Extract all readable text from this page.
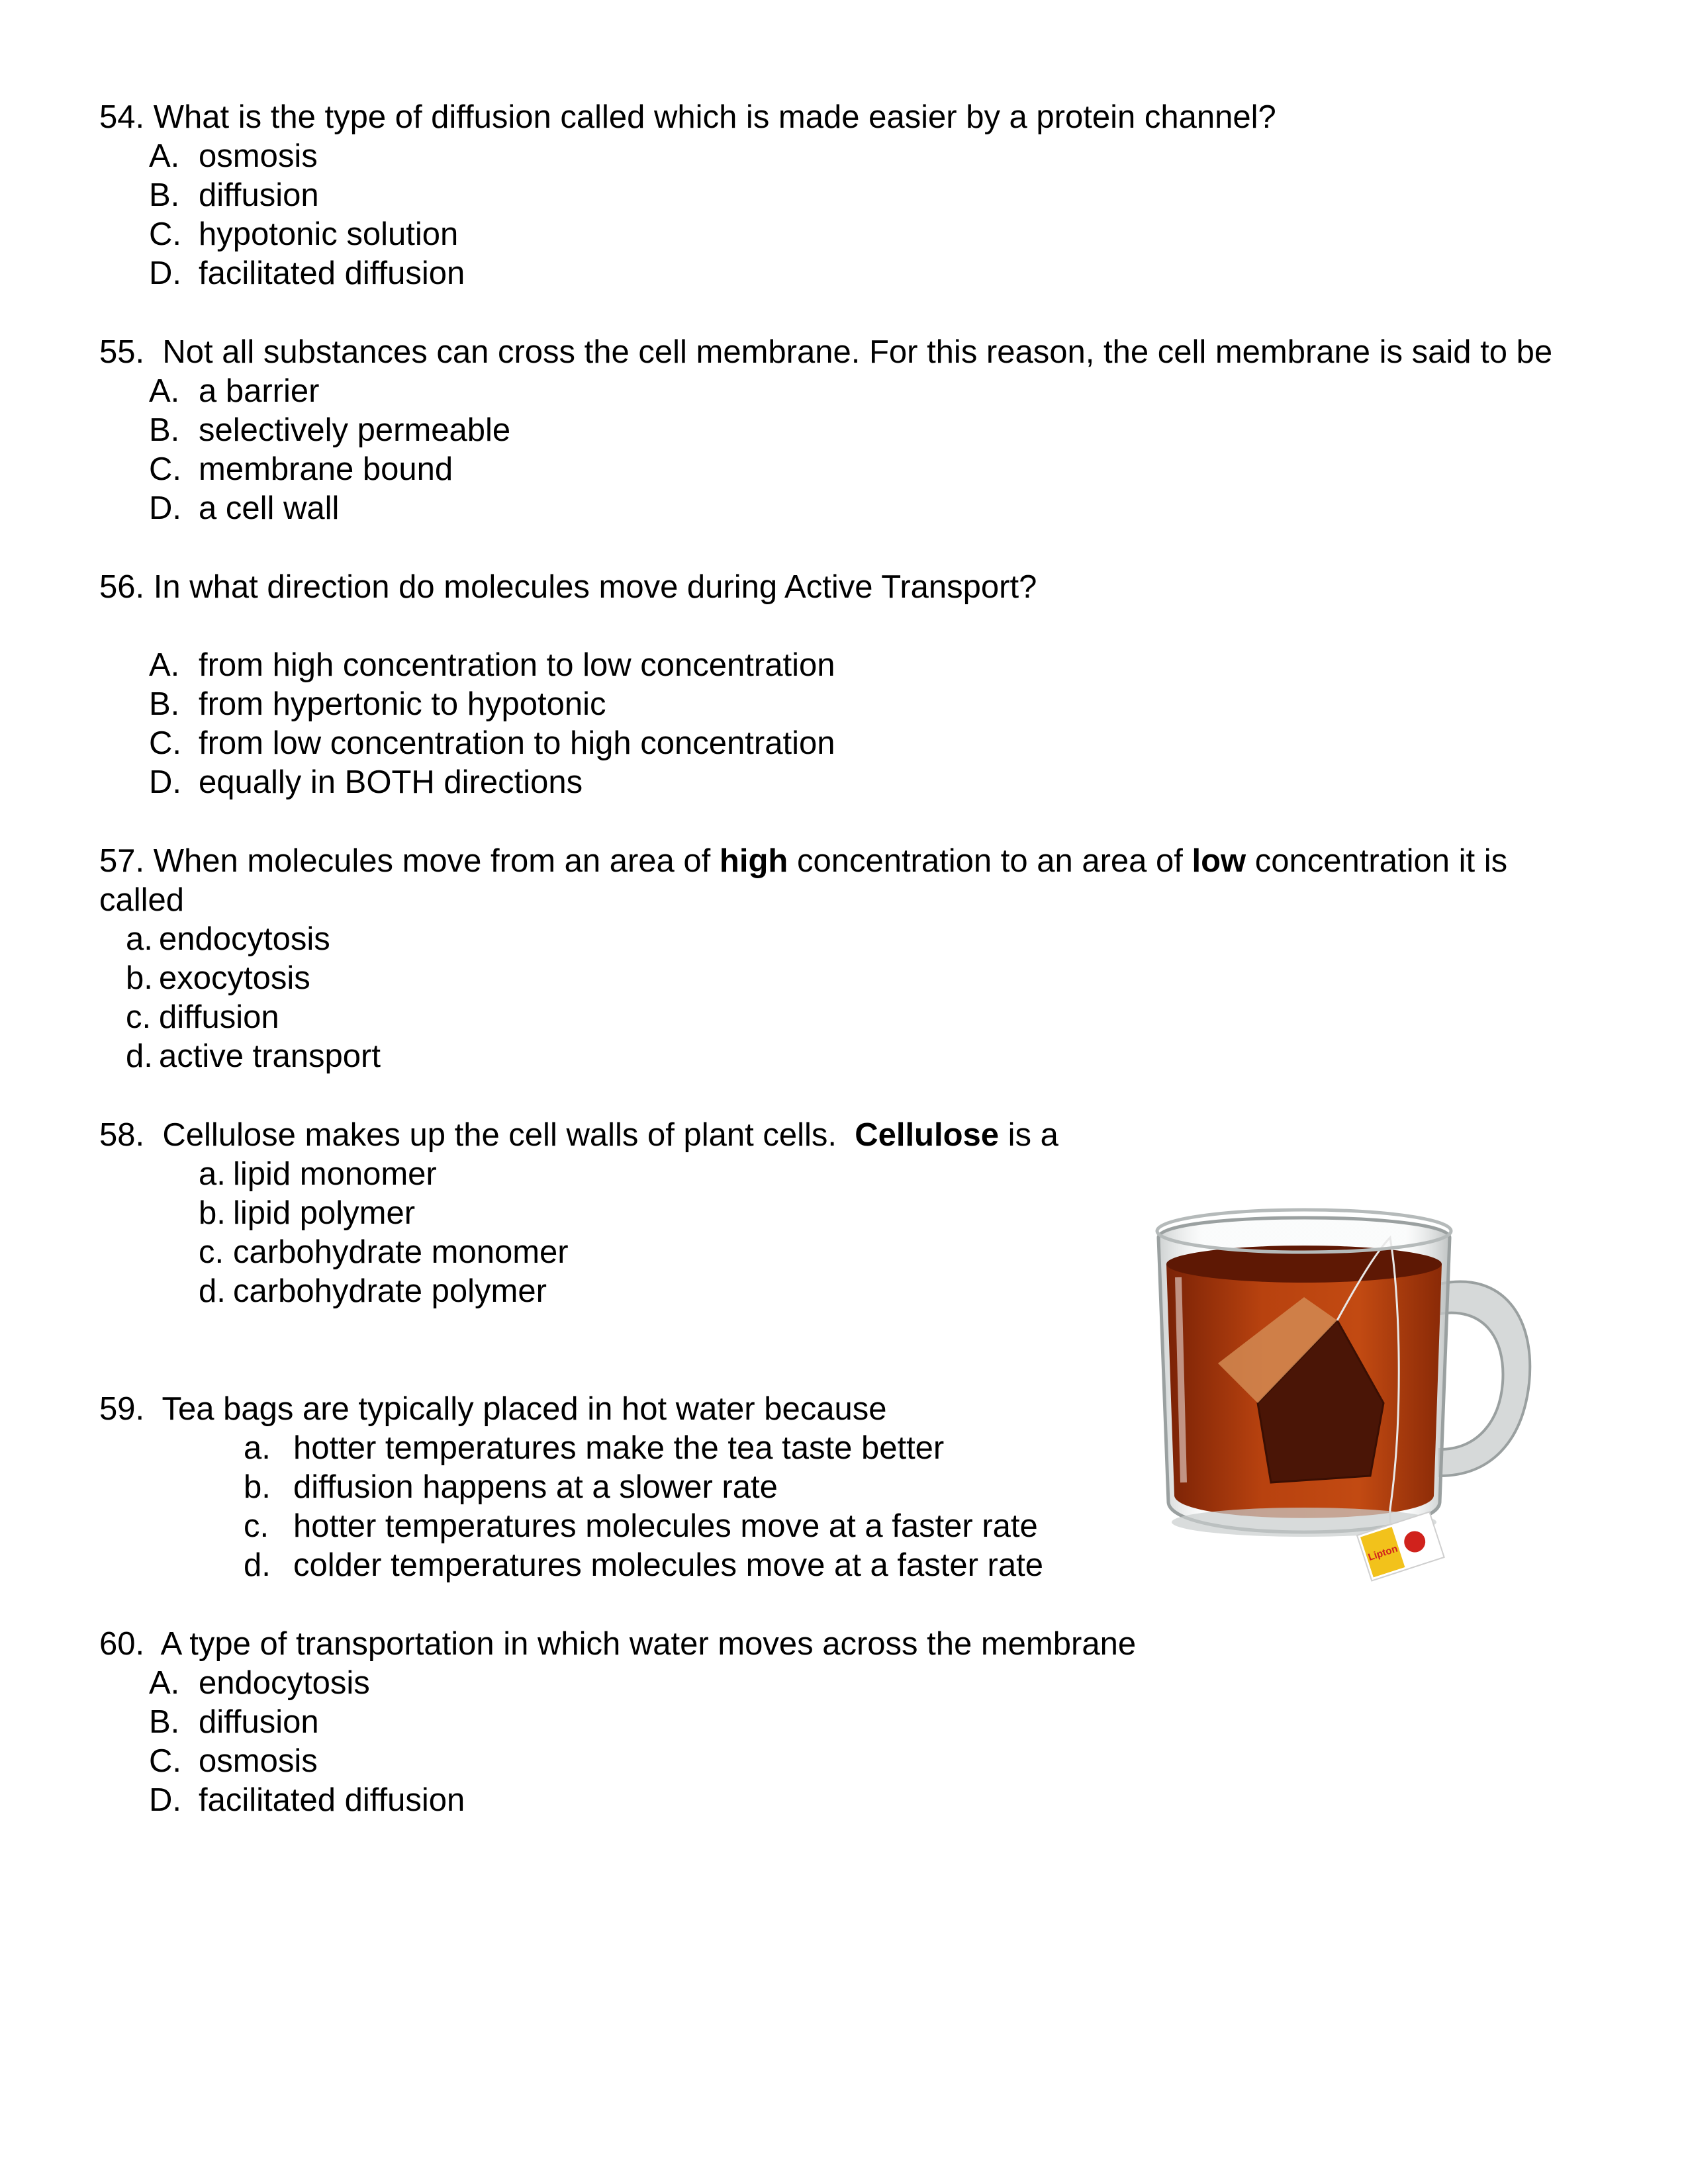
54. What is the type of diffusion called which is made easier by a protein channel?
A. osmosis
B. diffusion
C. hypotonic solution
D. facilitated diffusion
55. Not all substances can cross the cell membrane. For this reason, the cell membrane is said to be
A. a barrier
B. selectively permeable
C. membrane bound
D. a cell wall
56. In what direction do molecules move during Active Transport?
A. from high concentration to low concentration
B. from hypertonic to hypotonic
C. from low concentration to high concentration
D. equally in BOTH directions
57. When molecules move from an area of high concentration to an area of low concentration it is called
a. endocytosis
b. exocytosis
c. diffusion
d. active transport
58. Cellulose makes up the cell walls of plant cells.  Cellulose is a
a. lipid monomer
b. lipid polymer
c. carbohydrate monomer
d. carbohydrate polymer
59. Tea bags are typically placed in hot water because
a. hotter temperatures make the tea taste better
b. diffusion happens at a slower rate
c. hotter temperatures molecules move at a faster rate
d. colder temperatures molecules move at a faster rate
60. A type of transportation in which water moves across the membrane
A. endocytosis
B. diffusion
C. osmosis
D. facilitated diffusion
Lipton
